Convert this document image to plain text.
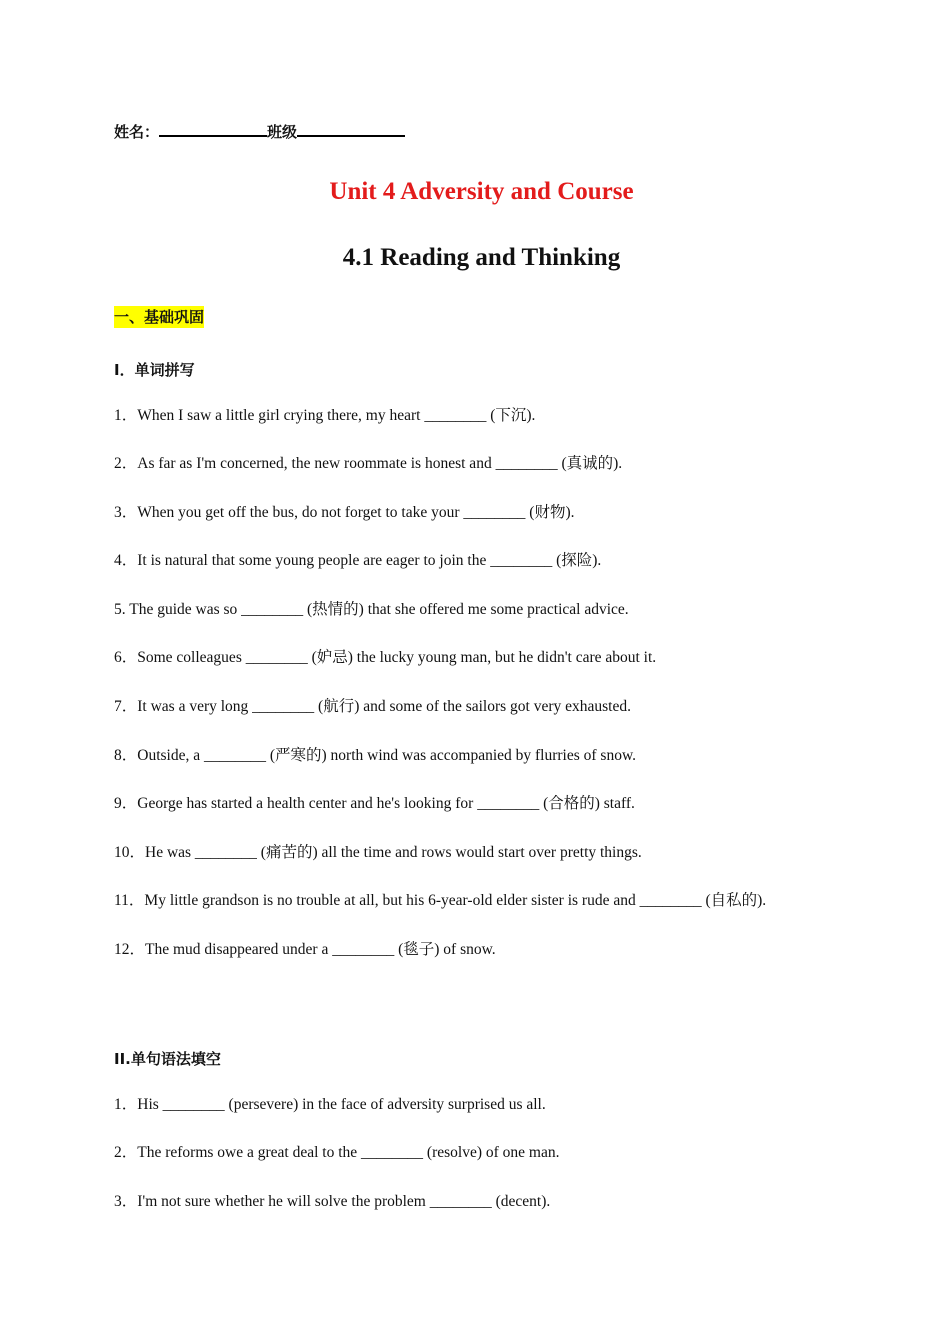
姓名：	班级
Unit 4 Adversity and Course
4.1 Reading and Thinking
一、基础巩固
I．单词拼写
1．When I saw a little girl crying there, my heart ________ (下沉).
2．As far as I'm concerned, the new roommate is honest and ________ (真诚的).
3．When you get off the bus, do not forget to take your ________ (财物).
4．It is natural that some young people are eager to join the ________ (探险).
5. The guide was so ________ (热情的) that she offered me some practical advice.
6．Some colleagues ________ (妒忌) the lucky young man, but he didn't care about it.
7．It was a very long ________ (航行) and some of the sailors got very exhausted.
8．Outside, a ________ (严寒的) north wind was accompanied by flurries of snow.
9．George has started a health center and he's looking for ________ (合格的) staff.
10．He was ________ (痛苦的) all the time and rows would start over pretty things.
11．My little grandson is no trouble at all, but his 6-year-old elder sister is rude and ________ (自私的).
12．The mud disappeared under a ________ (毯子) of snow.
II.单句语法填空
1．His ________ (persevere) in the face of adversity surprised us all.
2．The reforms owe a great deal to the ________ (resolve) of one man.
3．I'm not sure whether he will solve the problem ________ (decent).
